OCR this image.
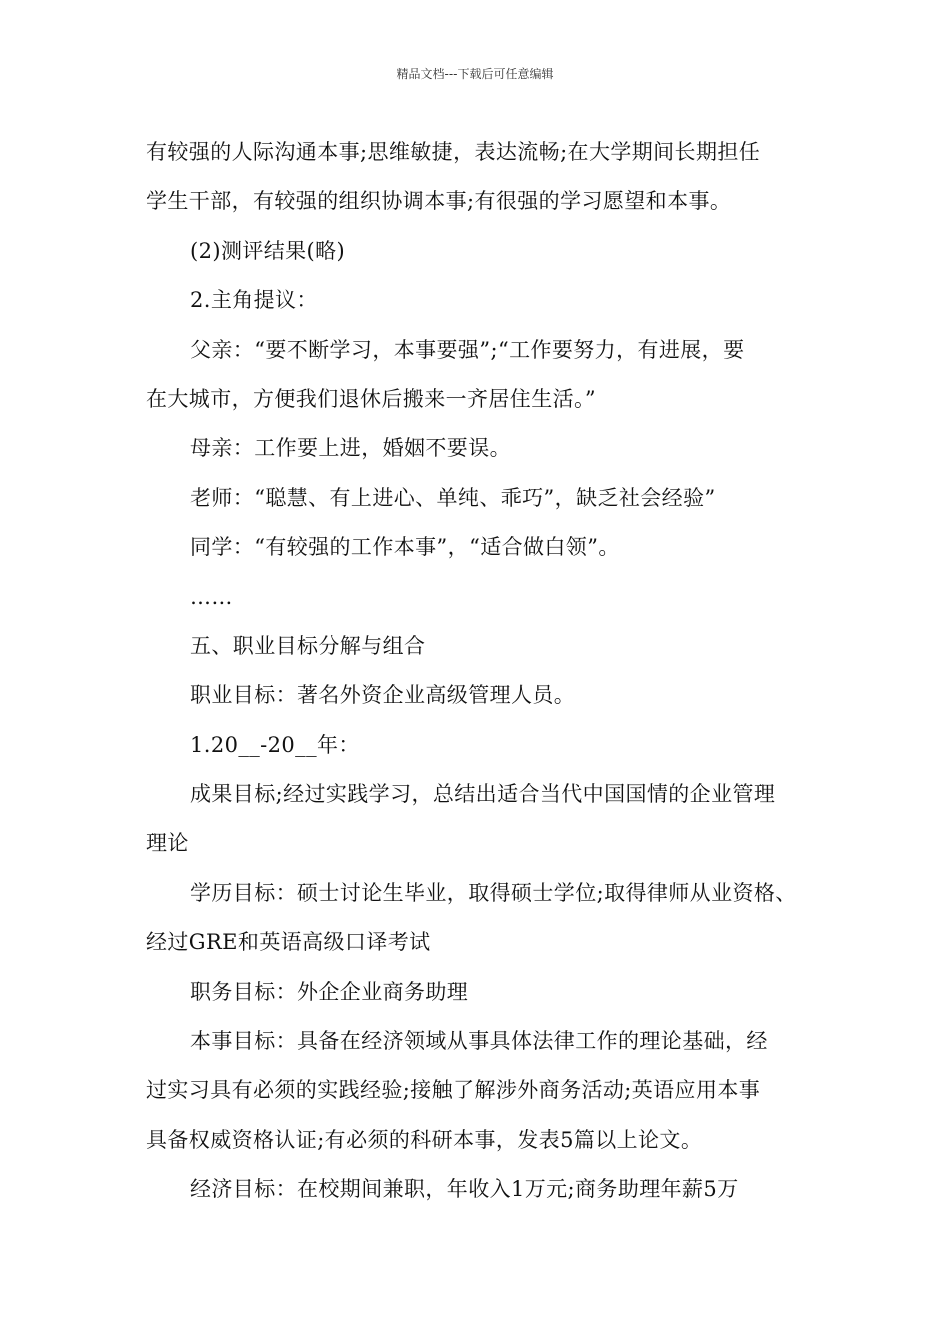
精品文档---下载后可任意编辑
有较强的人际沟通本事;思维敏捷，表达流畅;在大学期间长期担任
学生干部，有较强的组织协调本事;有很强的学习愿望和本事。
(2)测评结果(略)
2.主角提议：
父亲：“要不断学习，本事要强”;“工作要努力，有进展，要
在大城市，方便我们退休后搬来一齐居住生活。”
母亲：工作要上进，婚姻不要误。
老师：“聪慧、有上进心、单纯、乖巧”，缺乏社会经验”
同学：“有较强的工作本事”，“适合做白领”。
……
五、职业目标分解与组合
职业目标：著名外资企业高级管理人员。
1.20__-20__年：
成果目标;经过实践学习，总结出适合当代中国国情的企业管理
理论
学历目标：硕士讨论生毕业，取得硕士学位;取得律师从业资格、
经过GRE和英语高级口译考试
职务目标：外企企业商务助理
本事目标：具备在经济领域从事具体法律工作的理论基础，经
过实习具有必须的实践经验;接触了解涉外商务活动;英语应用本事
具备权威资格认证;有必须的科研本事，发表5篇以上论文。
经济目标：在校期间兼职，年收入1万元;商务助理年薪5万
